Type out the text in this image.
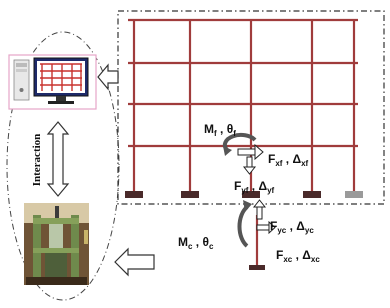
$M_f$ , $\theta_f$
$F_{xf}$ , $\Delta_{xf}$
$F_{yf}$ , $\Delta_{yf}$
Interaction
$M_c$ , $\theta_c$
$F_{yc}$ , $\Delta_{yc}$
$F_{xc}$ , $\Delta_{xc}$
